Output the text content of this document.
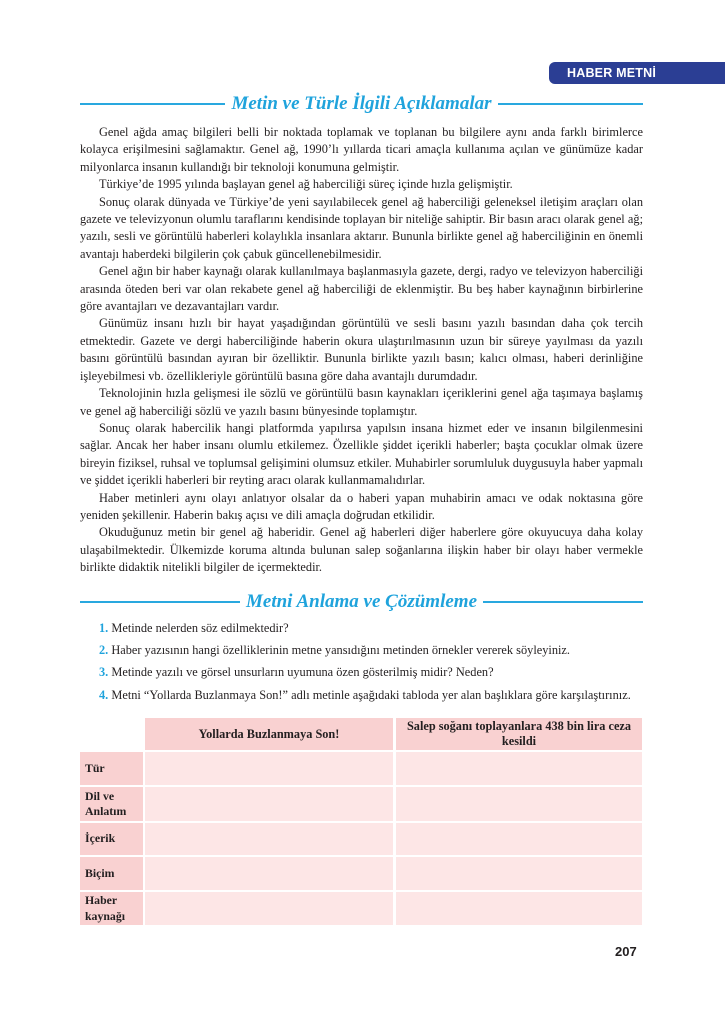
HABER METNİ
Metin ve Türle İlgili Açıklamalar

Genel ağda amaç bilgileri belli bir noktada toplamak ve toplanan bu bilgilere aynı anda farklı birimlerce kolayca erişilmesini sağlamaktır. Genel ağ, 1990’lı yıllarda ticari amaçla kullanıma açılan ve günümüze kadar milyonlarca insanın kullandığı bir teknoloji konumuna gelmiştir.

Türkiye’de 1995 yılında başlayan genel ağ haberciliği süreç içinde hızla gelişmiştir.

Sonuç olarak dünyada ve Türkiye’de yeni sayılabilecek genel ağ haberciliği geleneksel iletişim araçları olan gazete ve televizyonun olumlu taraflarını kendisinde toplayan bir niteliğe sahiptir. Bir basın aracı olarak genel ağ; yazılı, sesli ve görüntülü haberleri kolaylıkla insanlara aktarır. Bununla birlikte genel ağ haberciliğinin en önemli avantajı haberdeki bilgilerin çok çabuk güncellenebilmesidir.

Genel ağın bir haber kaynağı olarak kullanılmaya başlanmasıyla gazete, dergi, radyo ve televizyon haberciliği arasında öteden beri var olan rekabete genel ağ haberciliği de eklenmiştir. Bu beş haber kaynağının birbirlerine göre avantajları ve dezavantajları vardır.

Günümüz insanı hızlı bir hayat yaşadığından görüntülü ve sesli basını yazılı basından daha çok tercih etmektedir. Gazete ve dergi haberciliğinde haberin okura ulaştırılmasının uzun bir süreye yayılması da yazılı basını görüntülü basından ayıran bir özelliktir. Bununla birlikte yazılı basın; kalıcı olması, haberi derinliğine işleyebilmesi vb. özellikleriyle görüntülü basına göre daha avantajlı durumdadır.

Teknolojinin hızla gelişmesi ile sözlü ve görüntülü basın kaynakları içeriklerini genel ağa taşımaya başlamış ve genel ağ haberciliği sözlü ve yazılı basını bünyesinde toplamıştır.

Sonuç olarak habercilik hangi platformda yapılırsa yapılsın insana hizmet eder ve insanın bilgilenmesini sağlar. Ancak her haber insanı olumlu etkilemez. Özellikle şiddet içerikli haberler; başta çocuklar olmak üzere bireyin fiziksel, ruhsal ve toplumsal gelişimini olumsuz etkiler. Muhabirler sorumluluk duygusuyla haber yapmalı ve şiddet içerikli haberleri bir reyting aracı olarak kullanmamalıdırlar.

Haber metinleri aynı olayı anlatıyor olsalar da o haberi yapan muhabirin amacı ve odak noktasına göre yeniden şekillenir. Haberin bakış açısı ve dili amaçla doğrudan etkilidir.

Okuduğunuz metin bir genel ağ haberidir. Genel ağ haberleri diğer haberlere göre okuyucuya daha kolay ulaşabilmektedir. Ülkemizde koruma altında bulunan salep soğanlarına ilişkin haber bir olayı haber vermekle birlikte didaktik nitelikli bilgiler de içermektedir.

Metni Anlama ve Çözümleme

1. Metinde nelerden söz edilmektedir?

2. Haber yazısının hangi özelliklerinin metne yansıdığını metinden örnekler vererek söyleyiniz.

3. Metinde yazılı ve görsel unsurların uyumuna özen gösterilmiş midir? Neden?

4. Metni “Yollarda Buzlanmaya Son!” adlı metinle aşağıdaki tabloda yer alan başlıklara göre karşılaştırınız.

Yollarda Buzlanmaya Son!
Salep soğanı toplayanlara 438 bin lira ceza kesildi
Tür
Dil ve Anlatım
İçerik
Biçim
Haber kaynağı
207
